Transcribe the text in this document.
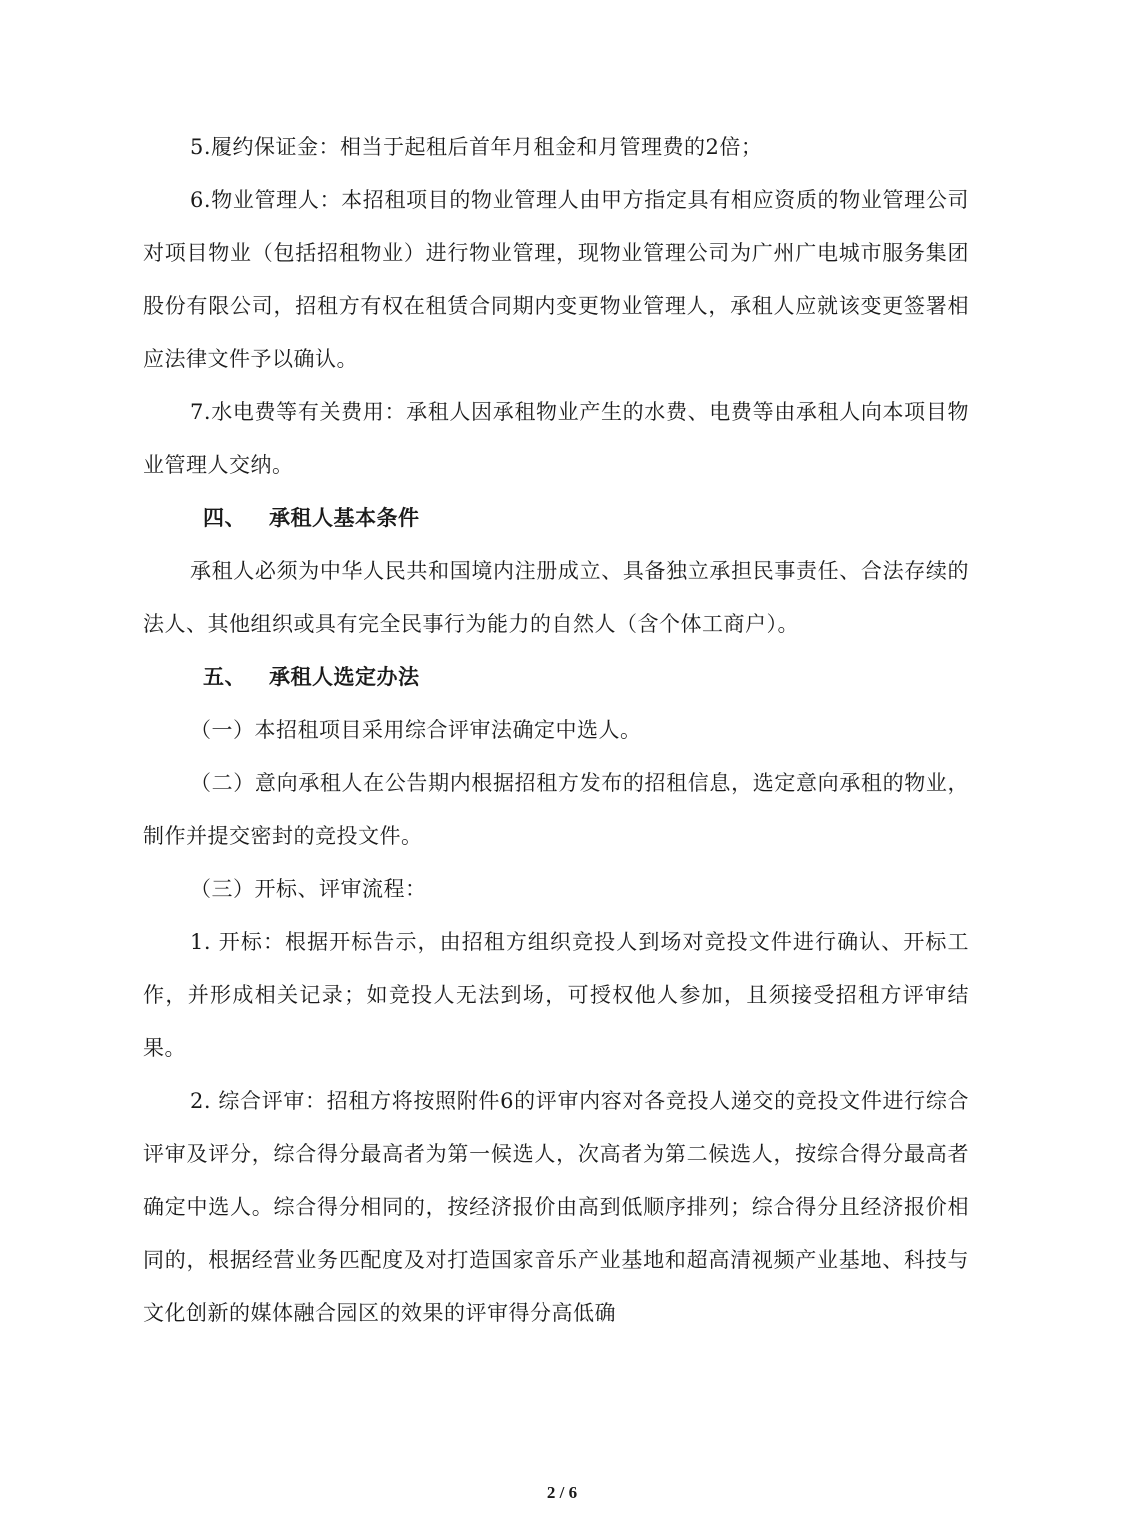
5.履约保证金：相当于起租后首年月租金和月管理费的2倍；

6.物业管理人：本招租项目的物业管理人由甲方指定具有相应资质的物业管理公司对项目物业（包括招租物业）进行物业管理，现物业管理公司为广州广电城市服务集团股份有限公司，招租方有权在租赁合同期内变更物业管理人，承租人应就该变更签署相应法律文件予以确认。

7.水电费等有关费用：承租人因承租物业产生的水费、电费等由承租人向本项目物业管理人交纳。

四、 承租人基本条件

承租人必须为中华人民共和国境内注册成立、具备独立承担民事责任、合法存续的法人、其他组织或具有完全民事行为能力的自然人（含个体工商户）。

五、 承租人选定办法

（一）本招租项目采用综合评审法确定中选人。

（二）意向承租人在公告期内根据招租方发布的招租信息，选定意向承租的物业，制作并提交密封的竞投文件。

（三）开标、评审流程：

1. 开标：根据开标告示，由招租方组织竞投人到场对竞投文件进行确认、开标工作，并形成相关记录；如竞投人无法到场，可授权他人参加，且须接受招租方评审结果。

2. 综合评审：招租方将按照附件6的评审内容对各竞投人递交的竞投文件进行综合评审及评分，综合得分最高者为第一候选人，次高者为第二候选人，按综合得分最高者确定中选人。综合得分相同的，按经济报价由高到低顺序排列；综合得分且经济报价相同的，根据经营业务匹配度及对打造国家音乐产业基地和超高清视频产业基地、科技与文化创新的媒体融合园区的效果的评审得分高低确

2 / 6
